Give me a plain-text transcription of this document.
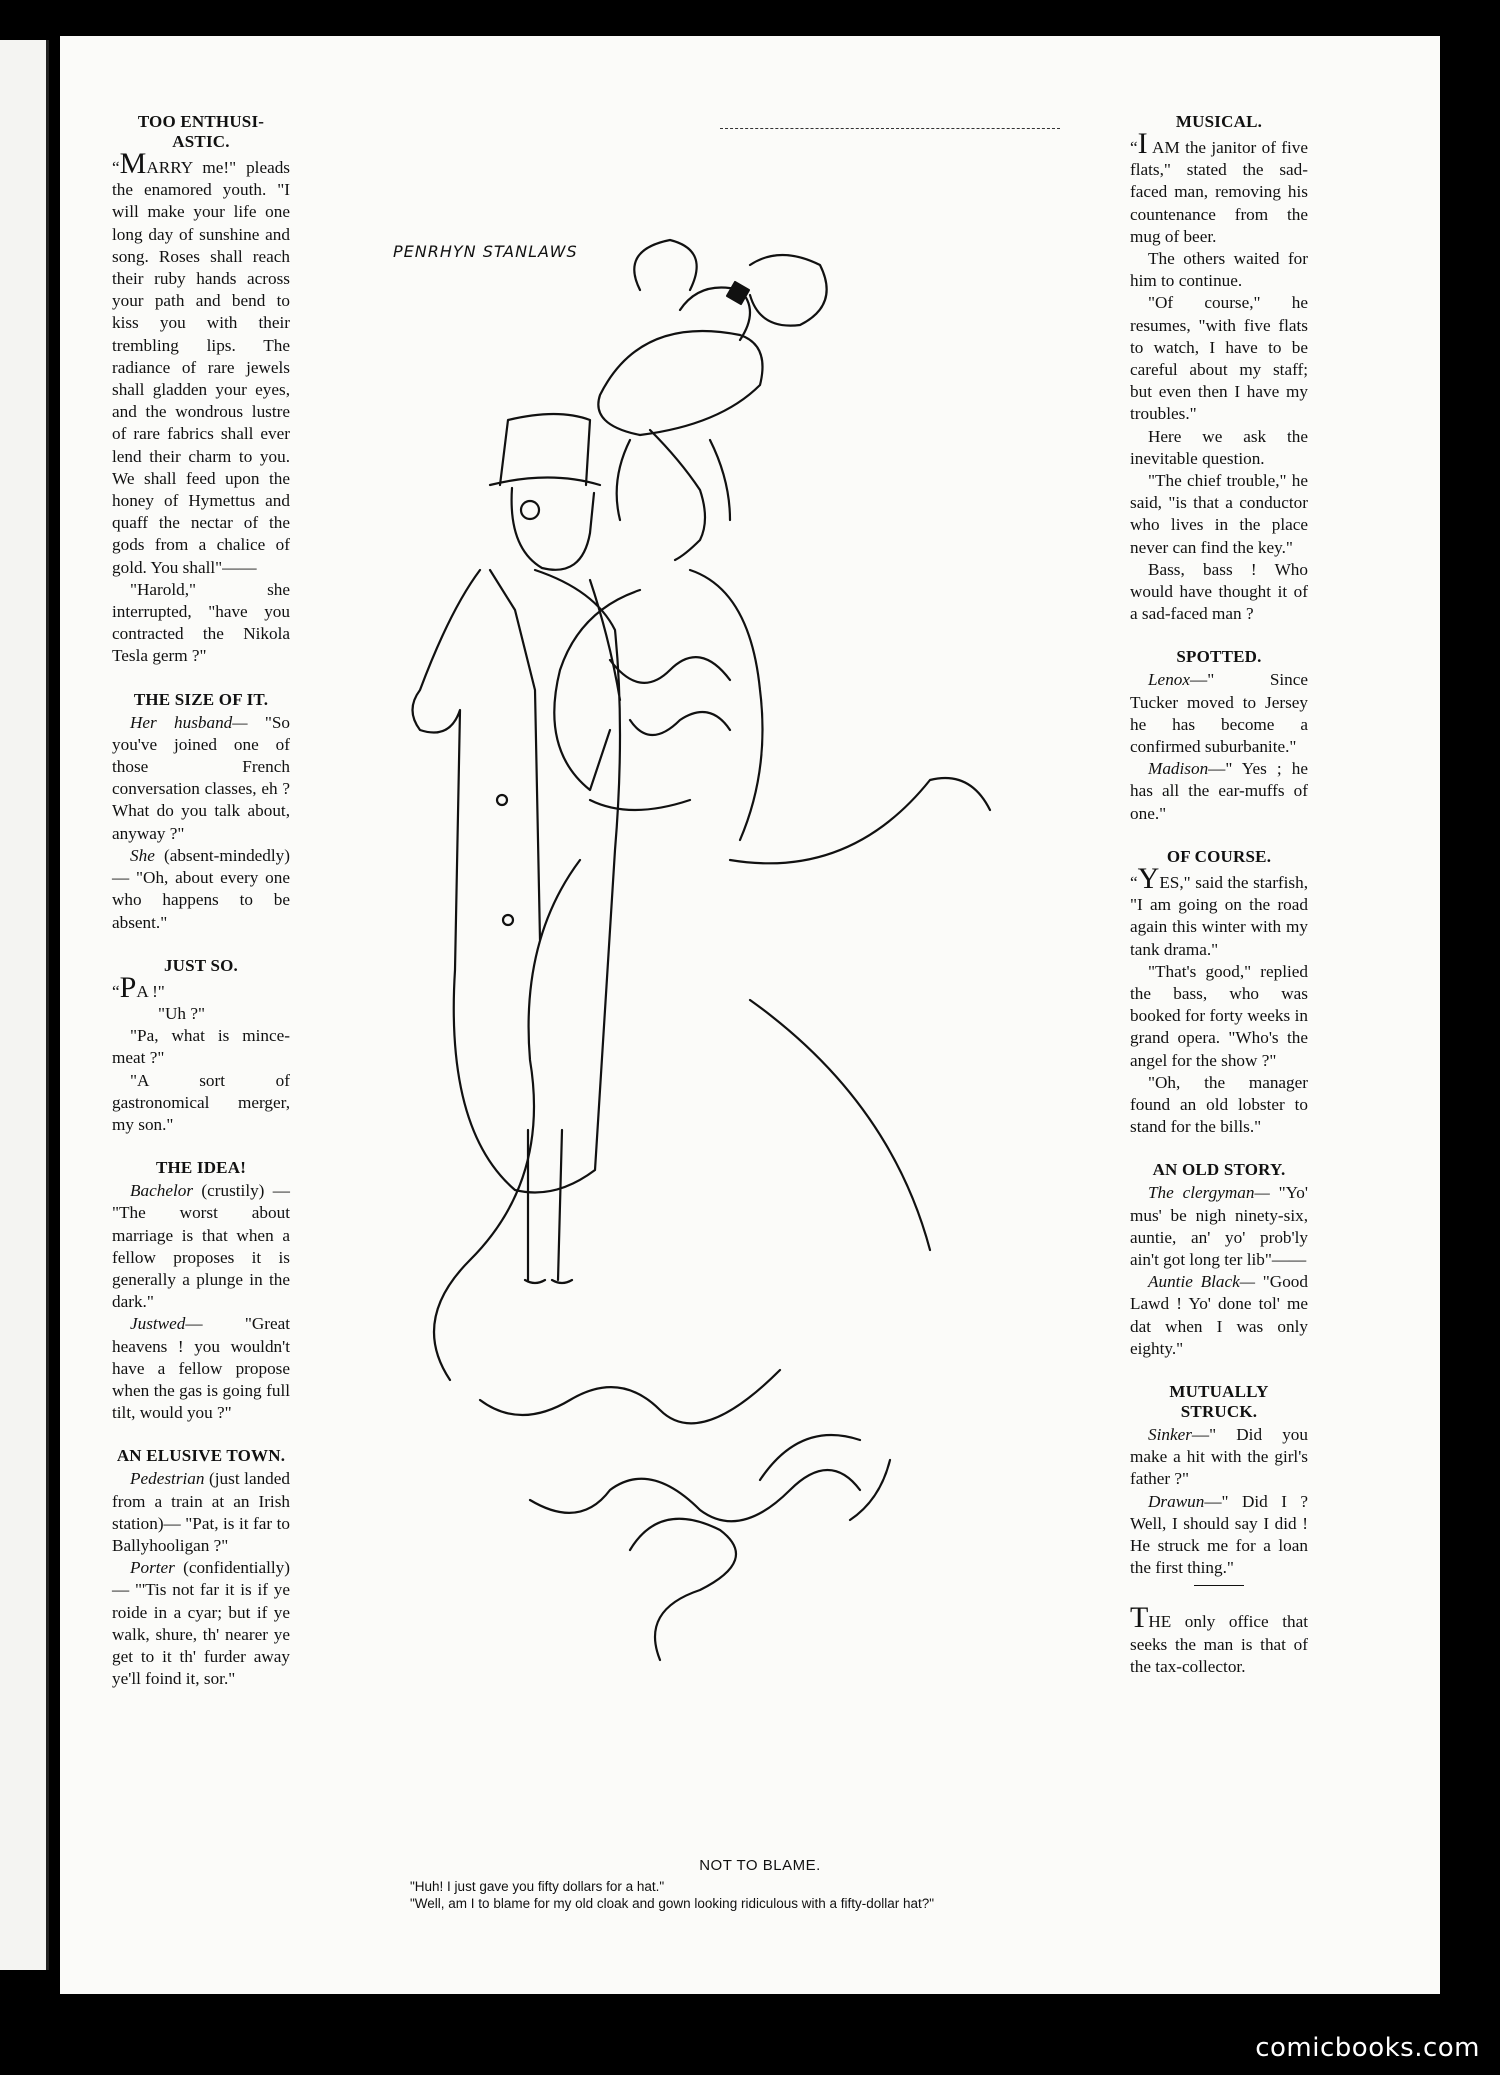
TOO ENTHUSI-ASTIC.

“MARRY me!" pleads the enamored youth. "I will make your life one long day of sunshine and song. Roses shall reach their ruby hands across your path and bend to kiss you with their trembling lips. The radiance of rare jewels shall gladden your eyes, and the wondrous lustre of rare fabrics shall ever lend their charm to you. We shall feed upon the honey of Hymettus and quaff the nectar of the gods from a chalice of gold. You shall"——

"Harold," she interrupted, "have you contracted the Nikola Tesla germ ?"

THE SIZE OF IT.

Her husband— "So you've joined one of those French conversation classes, eh ? What do you talk about, anyway ?"

She (absent-mindedly) — "Oh, about every one who happens to be absent."

JUST SO.

“PA !"

"Uh ?"

"Pa, what is mince-meat ?"

"A sort of gastronomical merger, my son."

THE IDEA!

Bachelor (crustily) — "The worst about marriage is that when a fellow proposes it is generally a plunge in the dark."

Justwed— "Great heavens ! you wouldn't have a fellow propose when the gas is going full tilt, would you ?"

AN ELUSIVE TOWN.

Pedestrian (just landed from a train at an Irish station)— "Pat, is it far to Ballyhooligan ?"

Porter (confidentially) — "'Tis not far it is if ye roide in a cyar; but if ye walk, shure, th' nearer ye get to it th' furder away ye'll foind it, sor."

MUSICAL.

“I AM the janitor of five flats," stated the sad-faced man, removing his countenance from the mug of beer.

The others waited for him to continue.

"Of course," he resumes, "with five flats to watch, I have to be careful about my staff; but even then I have my troubles."

Here we ask the inevitable question.

"The chief trouble," he said, "is that a conductor who lives in the place never can find the key."

Bass, bass ! Who would have thought it of a sad-faced man ?

SPOTTED.

Lenox—" Since Tucker moved to Jersey he has become a confirmed suburbanite."

Madison—" Yes ; he has all the ear-muffs of one."

OF COURSE.

“YES," said the starfish, "I am going on the road again this winter with my tank drama."

"That's good," replied the bass, who was booked for forty weeks in grand opera. "Who's the angel for the show ?"

"Oh, the manager found an old lobster to stand for the bills."

AN OLD STORY.

The clergyman— "Yo' mus' be nigh ninety-six, auntie, an' yo' prob'ly ain't got long ter lib"——

Auntie Black— "Good Lawd ! Yo' done tol' me dat when I was only eighty."

MUTUALLY STRUCK.

Sinker—" Did you make a hit with the girl's father ?"

Drawun—" Did I ? Well, I should say I did ! He struck me for a loan the first thing."

THE only office that seeks the man is that of the tax-collector.

PENRHYN STANLAWS
NOT TO BLAME.
"Huh! I just gave you fifty dollars for a hat."
"Well, am I to blame for my old cloak and gown looking ridiculous with a fifty-dollar hat?"
comicbooks.com
